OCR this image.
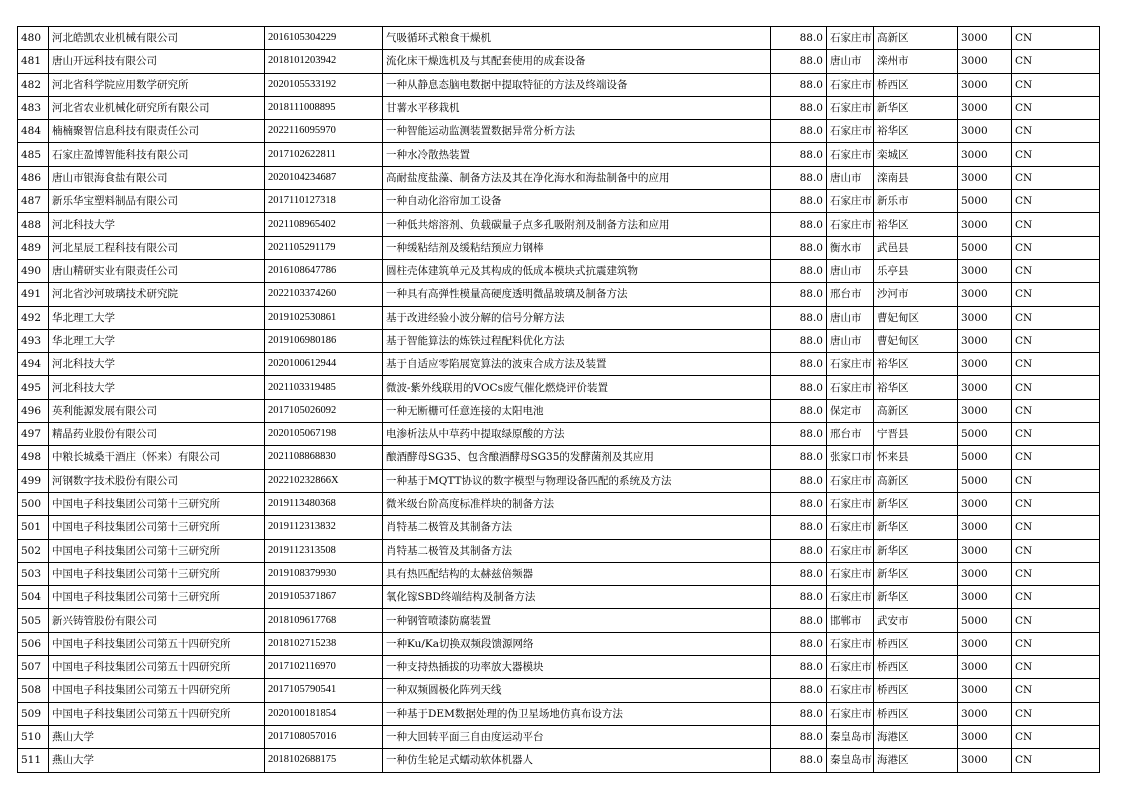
480	河北皓凯农业机械有限公司	2016105304229	气吸循环式粮食干燥机	88.0	石家庄市	高新区	3000	CN
481	唐山开远科技有限公司	2018101203942	流化床干燥选机及与其配套使用的成套设备	88.0	唐山市	滦州市	3000	CN
482	河北省科学院应用数学研究所	2020105533192	一种从静息态脑电数据中提取特征的方法及终端设备	88.0	石家庄市	桥西区	3000	CN
483	河北省农业机械化研究所有限公司	2018111008895	甘薯水平移栽机	88.0	石家庄市	新华区	3000	CN
484	楠楠聚智信息科技有限责任公司	2022116095970	一种智能运动监测装置数据异常分析方法	88.0	石家庄市	裕华区	3000	CN
485	石家庄盈博智能科技有限公司	2017102622811	一种水冷散热装置	88.0	石家庄市	栾城区	3000	CN
486	唐山市银海食盐有限公司	2020104234687	高耐盐度盐藻、制备方法及其在净化海水和海盐制备中的应用	88.0	唐山市	滦南县	3000	CN
487	新乐华宝塑料制品有限公司	2017110127318	一种自动化浴帘加工设备	88.0	石家庄市	新乐市	5000	CN
488	河北科技大学	2021108965402	一种低共熔溶剂、负载碳量子点多孔吸附剂及制备方法和应用	88.0	石家庄市	裕华区	3000	CN
489	河北星辰工程科技有限公司	2021105291179	一种缓粘结剂及缓粘结预应力钢棒	88.0	衡水市	武邑县	5000	CN
490	唐山精研实业有限责任公司	2016108647786	圆柱壳体建筑单元及其构成的低成本模块式抗震建筑物	88.0	唐山市	乐亭县	3000	CN
491	河北省沙河玻璃技术研究院	2022103374260	一种具有高弹性模量高硬度透明微晶玻璃及制备方法	88.0	邢台市	沙河市	3000	CN
492	华北理工大学	2019102530861	基于改进经验小波分解的信号分解方法	88.0	唐山市	曹妃甸区	3000	CN
493	华北理工大学	2019106980186	基于智能算法的炼铁过程配料优化方法	88.0	唐山市	曹妃甸区	3000	CN
494	河北科技大学	2020100612944	基于自适应零陷展宽算法的波束合成方法及装置	88.0	石家庄市	裕华区	3000	CN
495	河北科技大学	2021103319485	微波-紫外线联用的VOCs废气催化燃烧评价装置	88.0	石家庄市	裕华区	3000	CN
496	英利能源发展有限公司	2017105026092	一种无断栅可任意连接的太阳电池	88.0	保定市	高新区	3000	CN
497	精晶药业股份有限公司	2020105067198	电渗析法从中草药中提取绿原酸的方法	88.0	邢台市	宁晋县	5000	CN
498	中粮长城桑干酒庄（怀来）有限公司	2021108868830	酿酒酵母SG35、包含酿酒酵母SG35的发酵菌剂及其应用	88.0	张家口市	怀来县	5000	CN
499	河钢数字技术股份有限公司	202210232866X	一种基于MQTT协议的数字模型与物理设备匹配的系统及方法	88.0	石家庄市	高新区	5000	CN
500	中国电子科技集团公司第十三研究所	2019113480368	微米级台阶高度标准样块的制备方法	88.0	石家庄市	新华区	3000	CN
501	中国电子科技集团公司第十三研究所	2019112313832	肖特基二极管及其制备方法	88.0	石家庄市	新华区	3000	CN
502	中国电子科技集团公司第十三研究所	2019112313508	肖特基二极管及其制备方法	88.0	石家庄市	新华区	3000	CN
503	中国电子科技集团公司第十三研究所	2019108379930	具有热匹配结构的太赫兹倍频器	88.0	石家庄市	新华区	3000	CN
504	中国电子科技集团公司第十三研究所	2019105371867	氧化镓SBD终端结构及制备方法	88.0	石家庄市	新华区	3000	CN
505	新兴铸管股份有限公司	2018109617768	一种钢管喷漆防腐装置	88.0	邯郸市	武安市	5000	CN
506	中国电子科技集团公司第五十四研究所	2018102715238	一种Ku/Ka切换双频段馈源网络	88.0	石家庄市	桥西区	3000	CN
507	中国电子科技集团公司第五十四研究所	2017102116970	一种支持热插拔的功率放大器模块	88.0	石家庄市	桥西区	3000	CN
508	中国电子科技集团公司第五十四研究所	2017105790541	一种双频圆极化阵列天线	88.0	石家庄市	桥西区	3000	CN
509	中国电子科技集团公司第五十四研究所	2020100181854	一种基于DEM数据处理的伪卫星场地仿真布设方法	88.0	石家庄市	桥西区	3000	CN
510	燕山大学	2017108057016	一种大回转平面三自由度运动平台	88.0	秦皇岛市	海港区	3000	CN
511	燕山大学	2018102688175	一种仿生轮足式蠕动软体机器人	88.0	秦皇岛市	海港区	3000	CN
